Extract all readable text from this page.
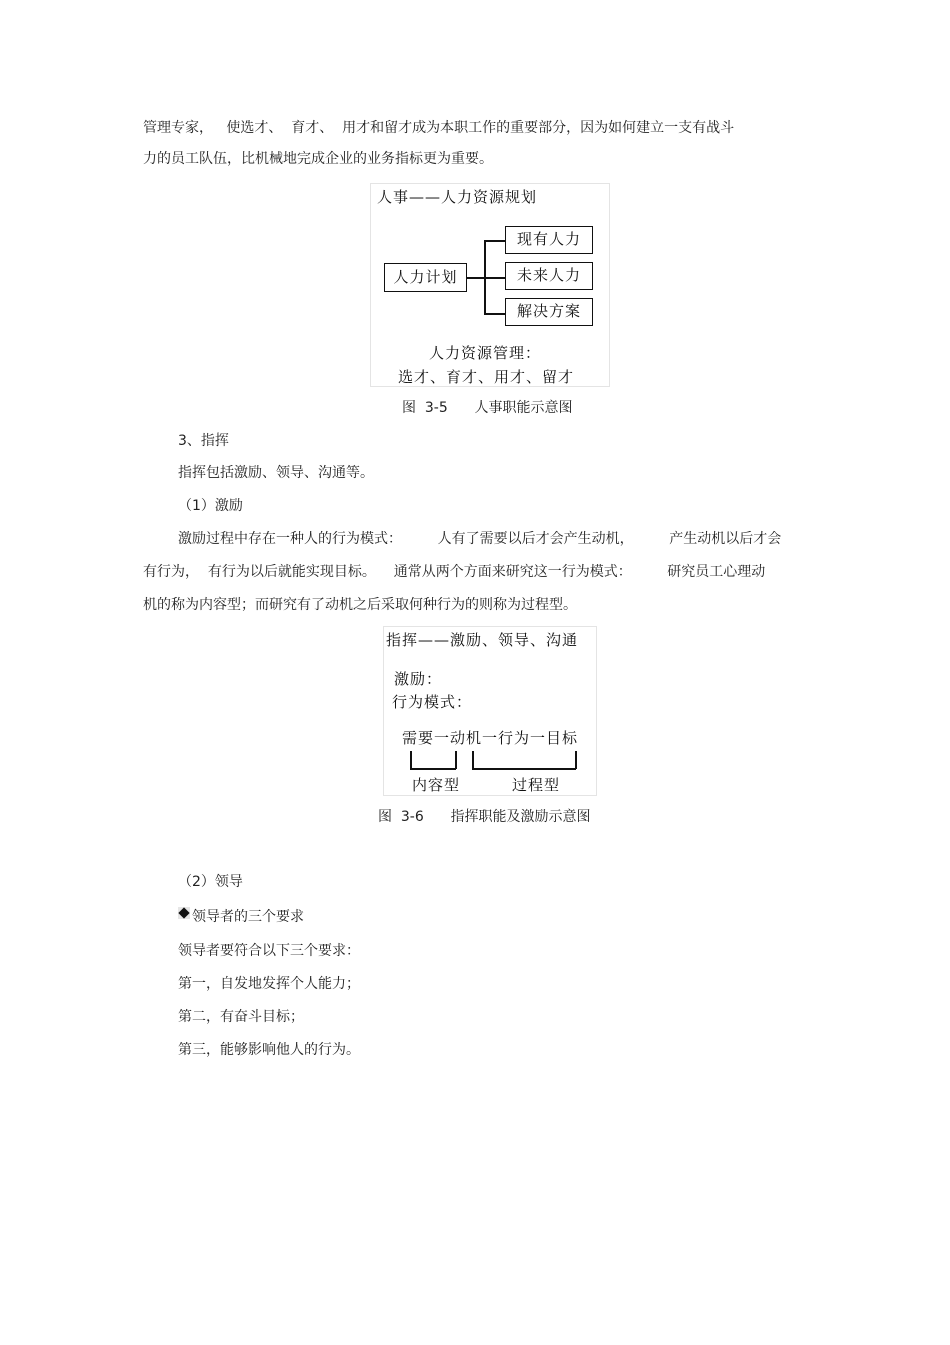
管理专家，   使选才、  育才、  用才和留才成为本职工作的重要部分，因为如何建立一支有战斗
力的员工队伍，比机械地完成企业的业务指标更为重要。
人事——人力资源规划
人力计划
现有人力
未来人力
解决方案
人力资源管理：
选才、育才、用才、留才
图  3-5      人事职能示意图
3、指挥
指挥包括激励、领导、沟通等。
（1）激励
激励过程中存在一种人的行为模式：        人有了需要以后才会产生动机，        产生动机以后才会
有行为，  有行为以后就能实现目标。    通常从两个方面来研究这一行为模式：        研究员工心理动
机的称为内容型；而研究有了动机之后采取何种行为的则称为过程型。
指挥——激励、领导、沟通
激励：
行为模式：
需要一动机一行为一目标
内容型	过程型
图  3-6      指挥职能及激励示意图
（2）领导
领导者的三个要求
领导者要符合以下三个要求：
第一，自发地发挥个人能力；
第二，有奋斗目标；
第三，能够影响他人的行为。
